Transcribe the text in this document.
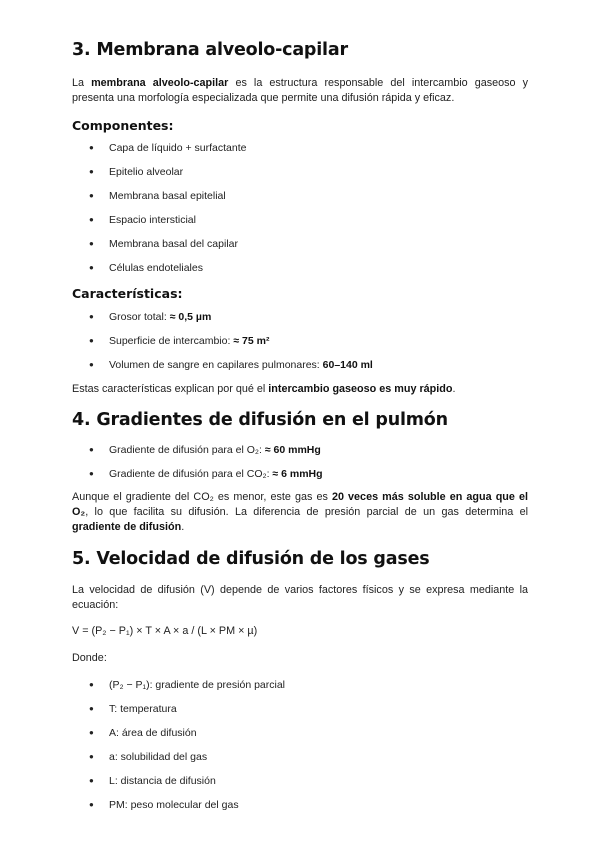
3. Membrana alveolo-capilar

La membrana alveolo-capilar es la estructura responsable del intercambio gaseoso y presenta una morfología especializada que permite una difusión rápida y eficaz.

Componentes:
● Capa de líquido + surfactante
● Epitelio alveolar
● Membrana basal epitelial
● Espacio intersticial
● Membrana basal del capilar
● Células endoteliales
Características:
● Grosor total: ≈ 0,5 µm
● Superficie de intercambio: ≈ 75 m²
● Volumen de sangre en capilares pulmonares: 60–140 ml

Estas características explican por qué el intercambio gaseoso es muy rápido.

4. Gradientes de difusión en el pulmón
● Gradiente de difusión para el O₂: ≈ 60 mmHg
● Gradiente de difusión para el CO₂: ≈ 6 mmHg

Aunque el gradiente del CO₂ es menor, este gas es 20 veces más soluble en agua que el O₂, lo que facilita su difusión. La diferencia de presión parcial de un gas determina el gradiente de difusión.

5. Velocidad de difusión de los gases

La velocidad de difusión (V) depende de varios factores físicos y se expresa mediante la ecuación:

V = (P₂ − P₁) × T × A × a / (L × PM × µ)

Donde:

● (P₂ − P₁): gradiente de presión parcial
● T: temperatura
● A: área de difusión
● a: solubilidad del gas
● L: distancia de difusión
● PM: peso molecular del gas
